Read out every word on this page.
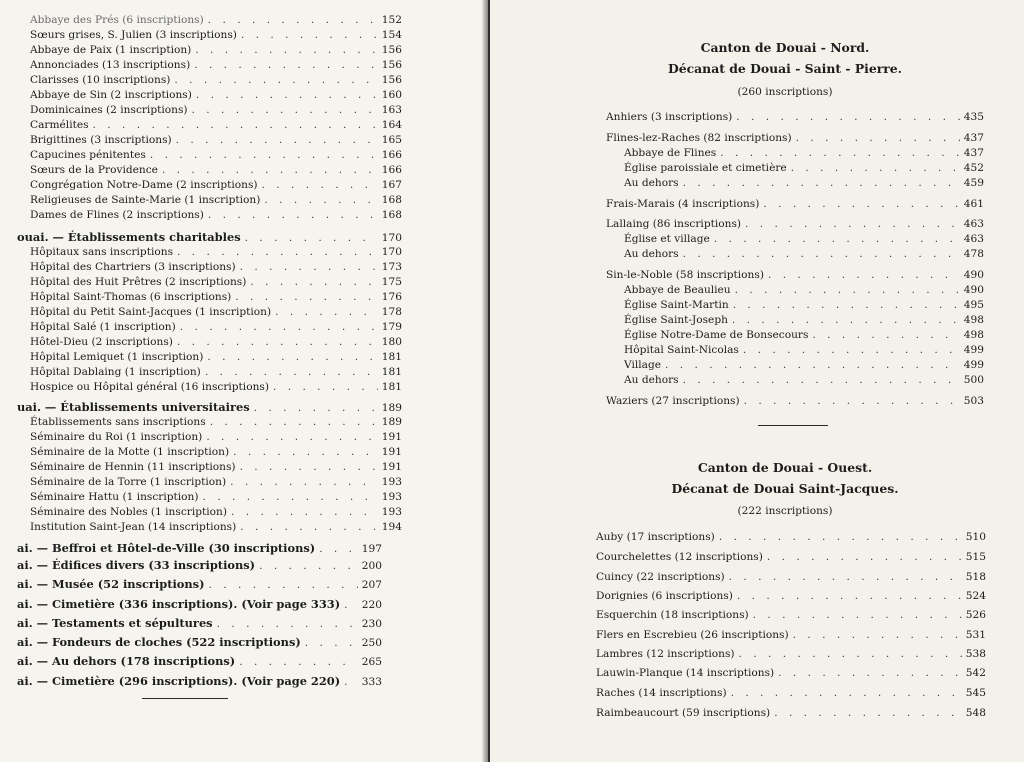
Abbaye des Prés (6 inscriptions) . . .	152
Sœurs grises, S. Julien (3 inscriptions) . . .	154
Abbaye de Paix (1 inscription) . . .	156
Annonciades (13 inscriptions) . . .	156
Clarisses (10 inscriptions) . . .	156
Abbaye de Sin (2 inscriptions) . . .	160
Dominicaines (2 inscriptions) . . .	163
Carmélites . . .	164
Brigittines (3 inscriptions) . . .	165
Capucines pénitentes . . .	166
Sœurs de la Providence . . .	166
Congrégation Notre-Dame (2 inscriptions) . . .	167
Religieuses de Sainte-Marie (1 inscription) . . .	168
Dames de Flines (2 inscriptions) . . .	168
ouai. — Établissements charitables . . .	170
Hôpitaux sans inscriptions . . .	170
Hôpital des Chartriers (3 inscriptions) . . .	173
Hôpital des Huit Prêtres (2 inscriptions) . . .	175
Hôpital Saint-Thomas (6 inscriptions) . . .	176
Hôpital du Petit Saint-Jacques (1 inscription) . . .	178
Hôpital Salé (1 inscription) . . .	179
Hôtel-Dieu (2 inscriptions) . . .	180
Hôpital Lemiquet (1 inscription) . . .	181
Hôpital Dablaing (1 inscription) . . .	181
Hospice ou Hôpital général (16 inscriptions) . . .	181
uai. — Établissements universitaires . . .	189
Établissements sans inscriptions . . .	189
Séminaire du Roi (1 inscription) . . .	191
Séminaire de la Motte (1 inscription) . . .	191
Séminaire de Hennin (11 inscriptions) . . .	191
Séminaire de la Torre (1 inscription) . . .	193
Séminaire Hattu (1 inscription) . . .	193
Séminaire des Nobles (1 inscription) . . .	193
Institution Saint-Jean (14 inscriptions) . . .	194
ai. — Beffroi et Hôtel-de-Ville (30 inscriptions) . . .	197
ai. — Édifices divers (33 inscriptions) . . .	200
ai. — Musée (52 inscriptions) . . .	207
ai. — Cimetière (336 inscriptions). (Voir page 333) . . . 220
ai. — Testaments et sépultures . . .	230
ai. — Fondeurs de cloches (522 inscriptions) . . .	250
ai. — Au dehors (178 inscriptions) . . .	265
ai. — Cimetière (296 inscriptions). (Voir page 220) . . . 333
Canton de Douai - Nord.
Décanat de Douai - Saint - Pierre.
(260 inscriptions)
Anhiers (3 inscriptions) . . .	435
Flines-lez-Raches (82 inscriptions) . . .	437
Abbaye de Flines . . .	437
Église paroissiale et cimetière . . .	452
Au dehors . . .	459
Frais-Marais (4 inscriptions) . . .	461
Lallaing (86 inscriptions) . . .	463
Église et village . . .	463
Au dehors . . .	478
Sin-le-Noble (58 inscriptions) . . .	490
Abbaye de Beaulieu . . .	490
Église Saint-Martin . . .	495
Église Saint-Joseph . . .	498
Église Notre-Dame de Bonsecours . . .	498
Hôpital Saint-Nicolas . . .	499
Village . . .	499
Au dehors . . .	500
Waziers (27 inscriptions) . . .	503
Canton de Douai - Ouest.
Décanat de Douai Saint-Jacques.
(222 inscriptions)
Auby (17 inscriptions) . . .	510
Courchelettes (12 inscriptions) . . .	515
Cuincy (22 inscriptions) . . .	518
Dorignies (6 inscriptions) . . .	524
Esquerchin (18 inscriptions) . . .	526
Flers en Escrebieu (26 inscriptions) . . .	531
Lambres (12 inscriptions) . . .	538
Lauwin-Planque (14 inscriptions) . . .	542
Raches (14 inscriptions) . . .	545
Raimbeaucourt (59 inscriptions) . . .	548
